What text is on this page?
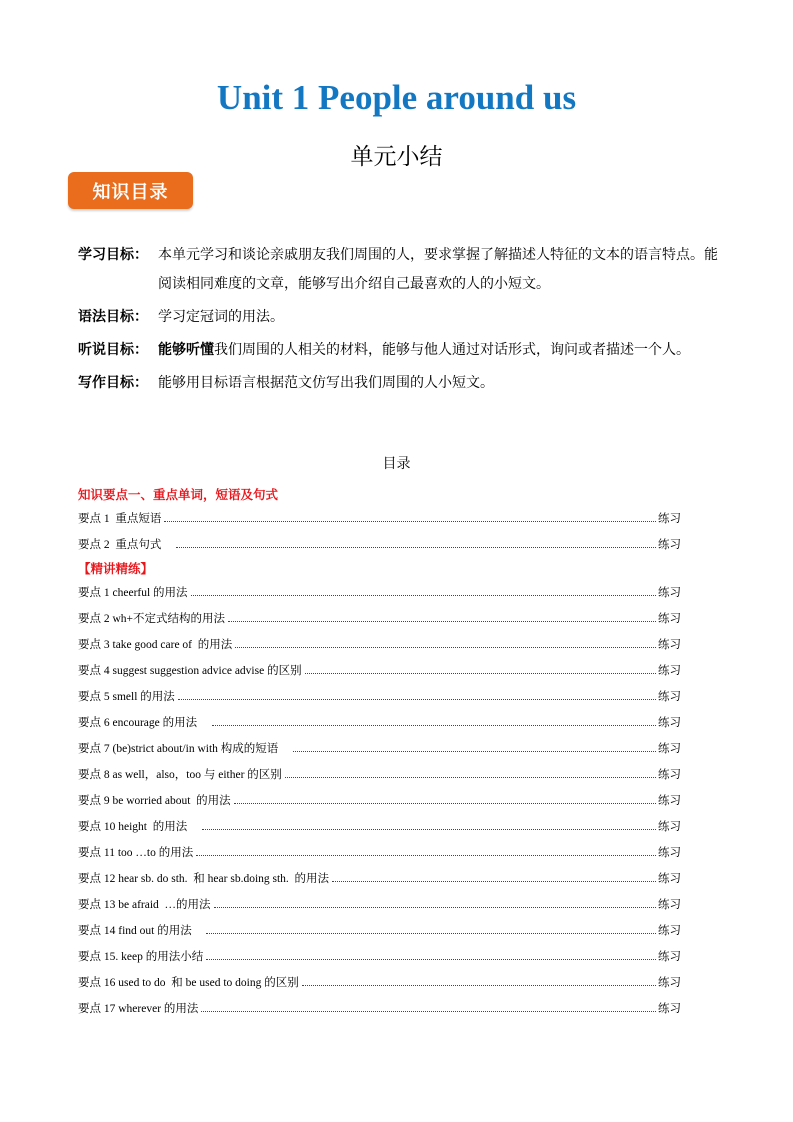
Unit 1 People around us
单元小结
知识目录
学习目标： 本单元学习和谈论亲戚朋友我们周围的人，要求掌握了解描述人特征的文本的语言特点。能阅读相同难度的文章，能够写出介绍自己最喜欢的人的小短文。
语法目标： 学习定冠词的用法。
听说目标： 能够听懂我们周围的人相关的材料，能够与他人通过对话形式，询问或者描述一个人。
写作目标： 能够用目标语言根据范文仿写出我们周围的人小短文。
目录
知识要点一、重点单词，短语及句式
要点 1  重点短语	练习
要点 2  重点句式	练习
【精讲精练】
要点 1 cheerful 的用法	练习
要点 2 wh+不定式结构的用法	练习
要点 3 take good care of  的用法	练习
要点 4 suggest suggestion advice advise 的区别	练习
要点 5 smell 的用法	练习
要点 6 encourage 的用法	练习
要点 7 (be)strict about/in with 构成的短语	练习
要点 8 as well，also，too 与 either 的区别	练习
要点 9 be worried about  的用法	练习
要点 10 height  的用法	练习
要点 11 too …to 的用法	练习
要点 12 hear sb. do sth.  和 hear sb.doing sth.  的用法	练习
要点 13 be afraid  …的用法	练习
要点 14 find out 的用法	练习
要点 15. keep 的用法小结	练习
要点 16 used to do  和 be used to doing 的区别	练习
要点 17 wherever 的用法	练习
